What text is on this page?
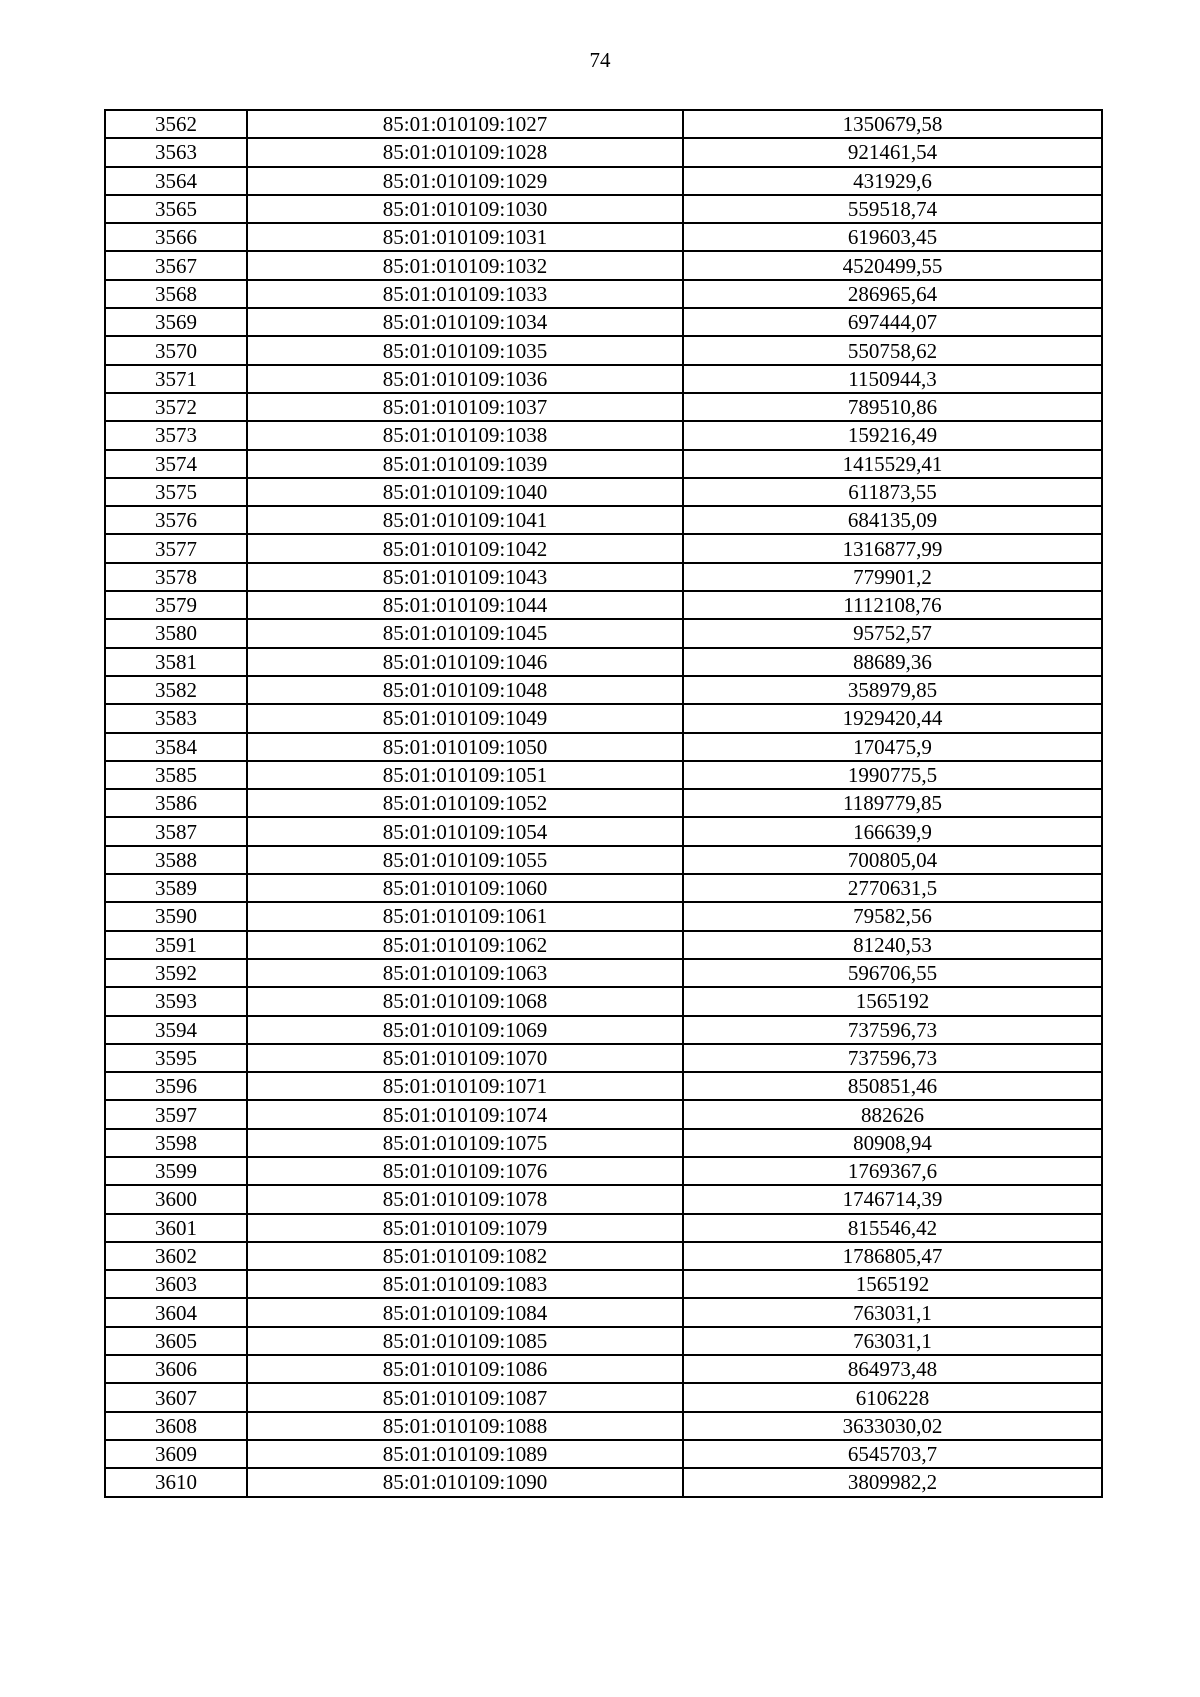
74
3562	85:01:010109:1027	1350679,58
3563	85:01:010109:1028	921461,54
3564	85:01:010109:1029	431929,6
3565	85:01:010109:1030	559518,74
3566	85:01:010109:1031	619603,45
3567	85:01:010109:1032	4520499,55
3568	85:01:010109:1033	286965,64
3569	85:01:010109:1034	697444,07
3570	85:01:010109:1035	550758,62
3571	85:01:010109:1036	1150944,3
3572	85:01:010109:1037	789510,86
3573	85:01:010109:1038	159216,49
3574	85:01:010109:1039	1415529,41
3575	85:01:010109:1040	611873,55
3576	85:01:010109:1041	684135,09
3577	85:01:010109:1042	1316877,99
3578	85:01:010109:1043	779901,2
3579	85:01:010109:1044	1112108,76
3580	85:01:010109:1045	95752,57
3581	85:01:010109:1046	88689,36
3582	85:01:010109:1048	358979,85
3583	85:01:010109:1049	1929420,44
3584	85:01:010109:1050	170475,9
3585	85:01:010109:1051	1990775,5
3586	85:01:010109:1052	1189779,85
3587	85:01:010109:1054	166639,9
3588	85:01:010109:1055	700805,04
3589	85:01:010109:1060	2770631,5
3590	85:01:010109:1061	79582,56
3591	85:01:010109:1062	81240,53
3592	85:01:010109:1063	596706,55
3593	85:01:010109:1068	1565192
3594	85:01:010109:1069	737596,73
3595	85:01:010109:1070	737596,73
3596	85:01:010109:1071	850851,46
3597	85:01:010109:1074	882626
3598	85:01:010109:1075	80908,94
3599	85:01:010109:1076	1769367,6
3600	85:01:010109:1078	1746714,39
3601	85:01:010109:1079	815546,42
3602	85:01:010109:1082	1786805,47
3603	85:01:010109:1083	1565192
3604	85:01:010109:1084	763031,1
3605	85:01:010109:1085	763031,1
3606	85:01:010109:1086	864973,48
3607	85:01:010109:1087	6106228
3608	85:01:010109:1088	3633030,02
3609	85:01:010109:1089	6545703,7
3610	85:01:010109:1090	3809982,2
